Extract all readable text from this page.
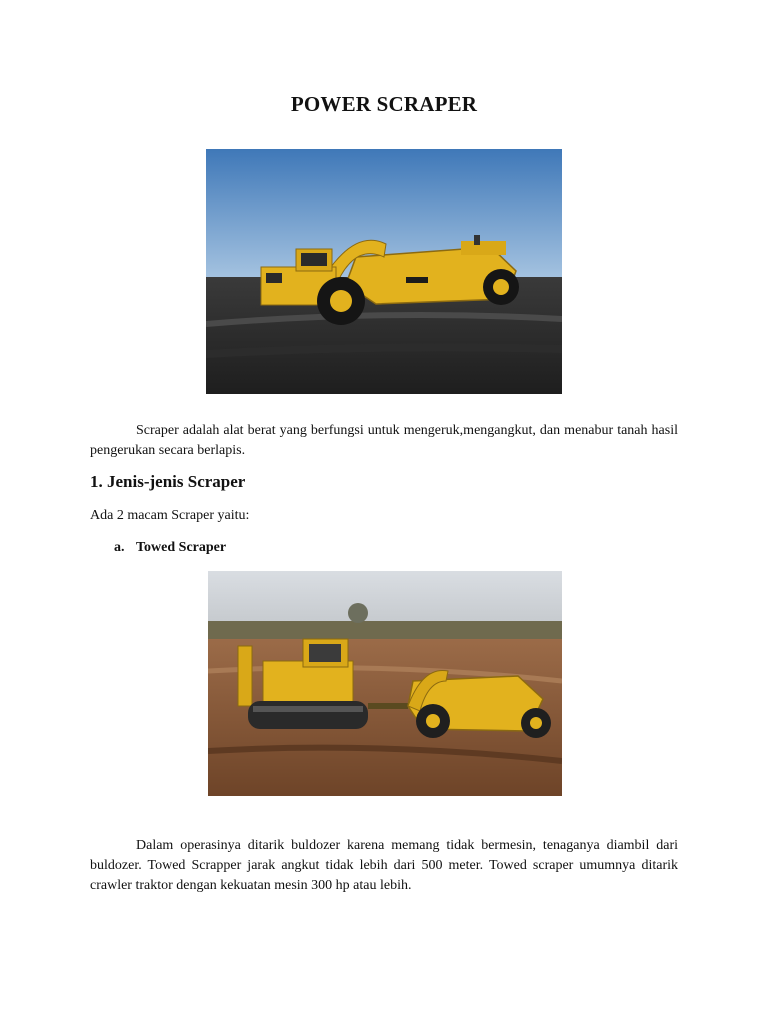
POWER SCRAPER

Scraper adalah alat berat yang berfungsi untuk mengeruk,mengangkut, dan menabur tanah hasil pengerukan secara berlapis.

1. Jenis-jenis Scraper
Ada 2 macam Scraper yaitu:
a. Towed Scraper

Dalam operasinya ditarik buldozer karena memang tidak bermesin, tenaganya diambil dari buldozer. Towed Scrapper jarak angkut tidak lebih dari 500 meter. Towed scraper umumnya ditarik crawler traktor dengan kekuatan mesin 300 hp atau lebih.
